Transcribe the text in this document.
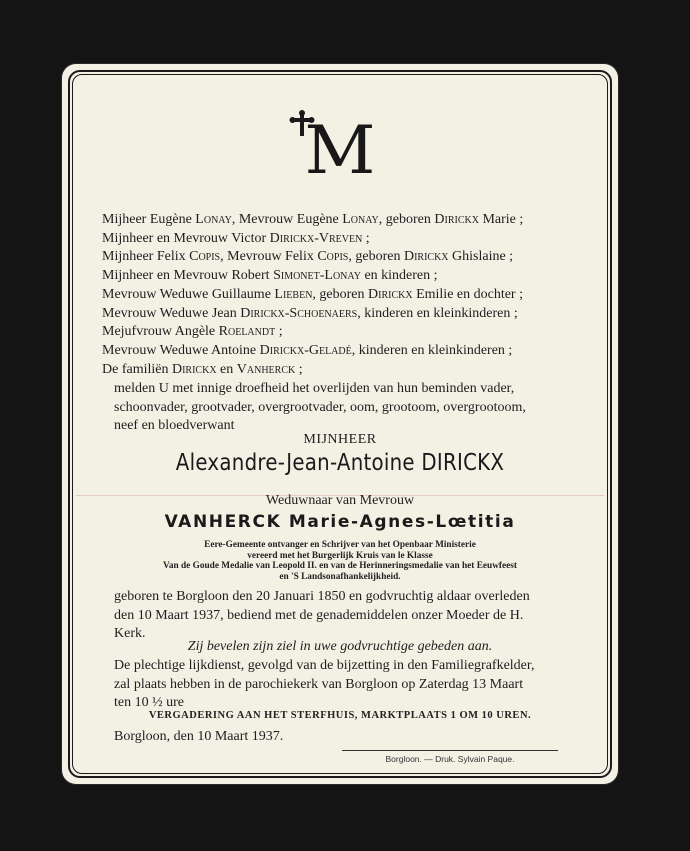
M
Mijheer Eugène Lonay, Mevrouw Eugène Lonay, geboren Dirickx Marie ;
Mijnheer en Mevrouw Victor Dirickx-Vreven ;
Mijnheer Felix Copis, Mevrouw Felix Copis, geboren Dirickx Ghislaine ;
Mijnheer en Mevrouw Robert Simonet-Lonay en kinderen ;
Mevrouw Weduwe Guillaume Lieben, geboren Dirickx Emilie en dochter ;
Mevrouw Weduwe Jean Dirickx-Schoenaers, kinderen en kleinkinderen ;
Mejufvrouw Angèle Roelandt ;
Mevrouw Weduwe Antoine Dirickx-Geladé, kinderen en kleinkinderen ;
De familiën Dirickx en Vanherck ;
melden U met innige droefheid het overlijden van hun beminden vader,
schoonvader, grootvader, overgrootvader, oom, grootoom, overgrootoom,
neef en bloedverwant
MIJNHEER
Alexandre-Jean-Antoine DIRICKX
Weduwnaar van Mevrouw
VANHERCK Marie-Agnes-Lœtitia
Eere-Gemeente ontvanger en Schrijver van het Openbaar Ministerie
vereerd met het Burgerlijk Kruis van le Klasse
Van de Goude Medalie van Leopold II. en van de Herinneringsmedalie van het Eeuwfeest
en 'S Landsonafhankelijkheid.
geboren te Borgloon den 20 Januari 1850 en godvruchtig aldaar overleden
den 10 Maart 1937, bediend met de genademiddelen onzer Moeder de H.
Kerk.
Zij bevelen zijn ziel in uwe godvruchtige gebeden aan.
De plechtige lijkdienst, gevolgd van de bijzetting in den Familiegrafkelder,
zal plaats hebben in de parochiekerk van Borgloon op Zaterdag 13 Maart
ten 10 ½ ure
VERGADERING AAN HET STERFHUIS, MARKTPLAATS 1 OM 10 UREN.
Borgloon, den 10 Maart 1937.
Borgloon. — Druk. Sylvain Paque.
